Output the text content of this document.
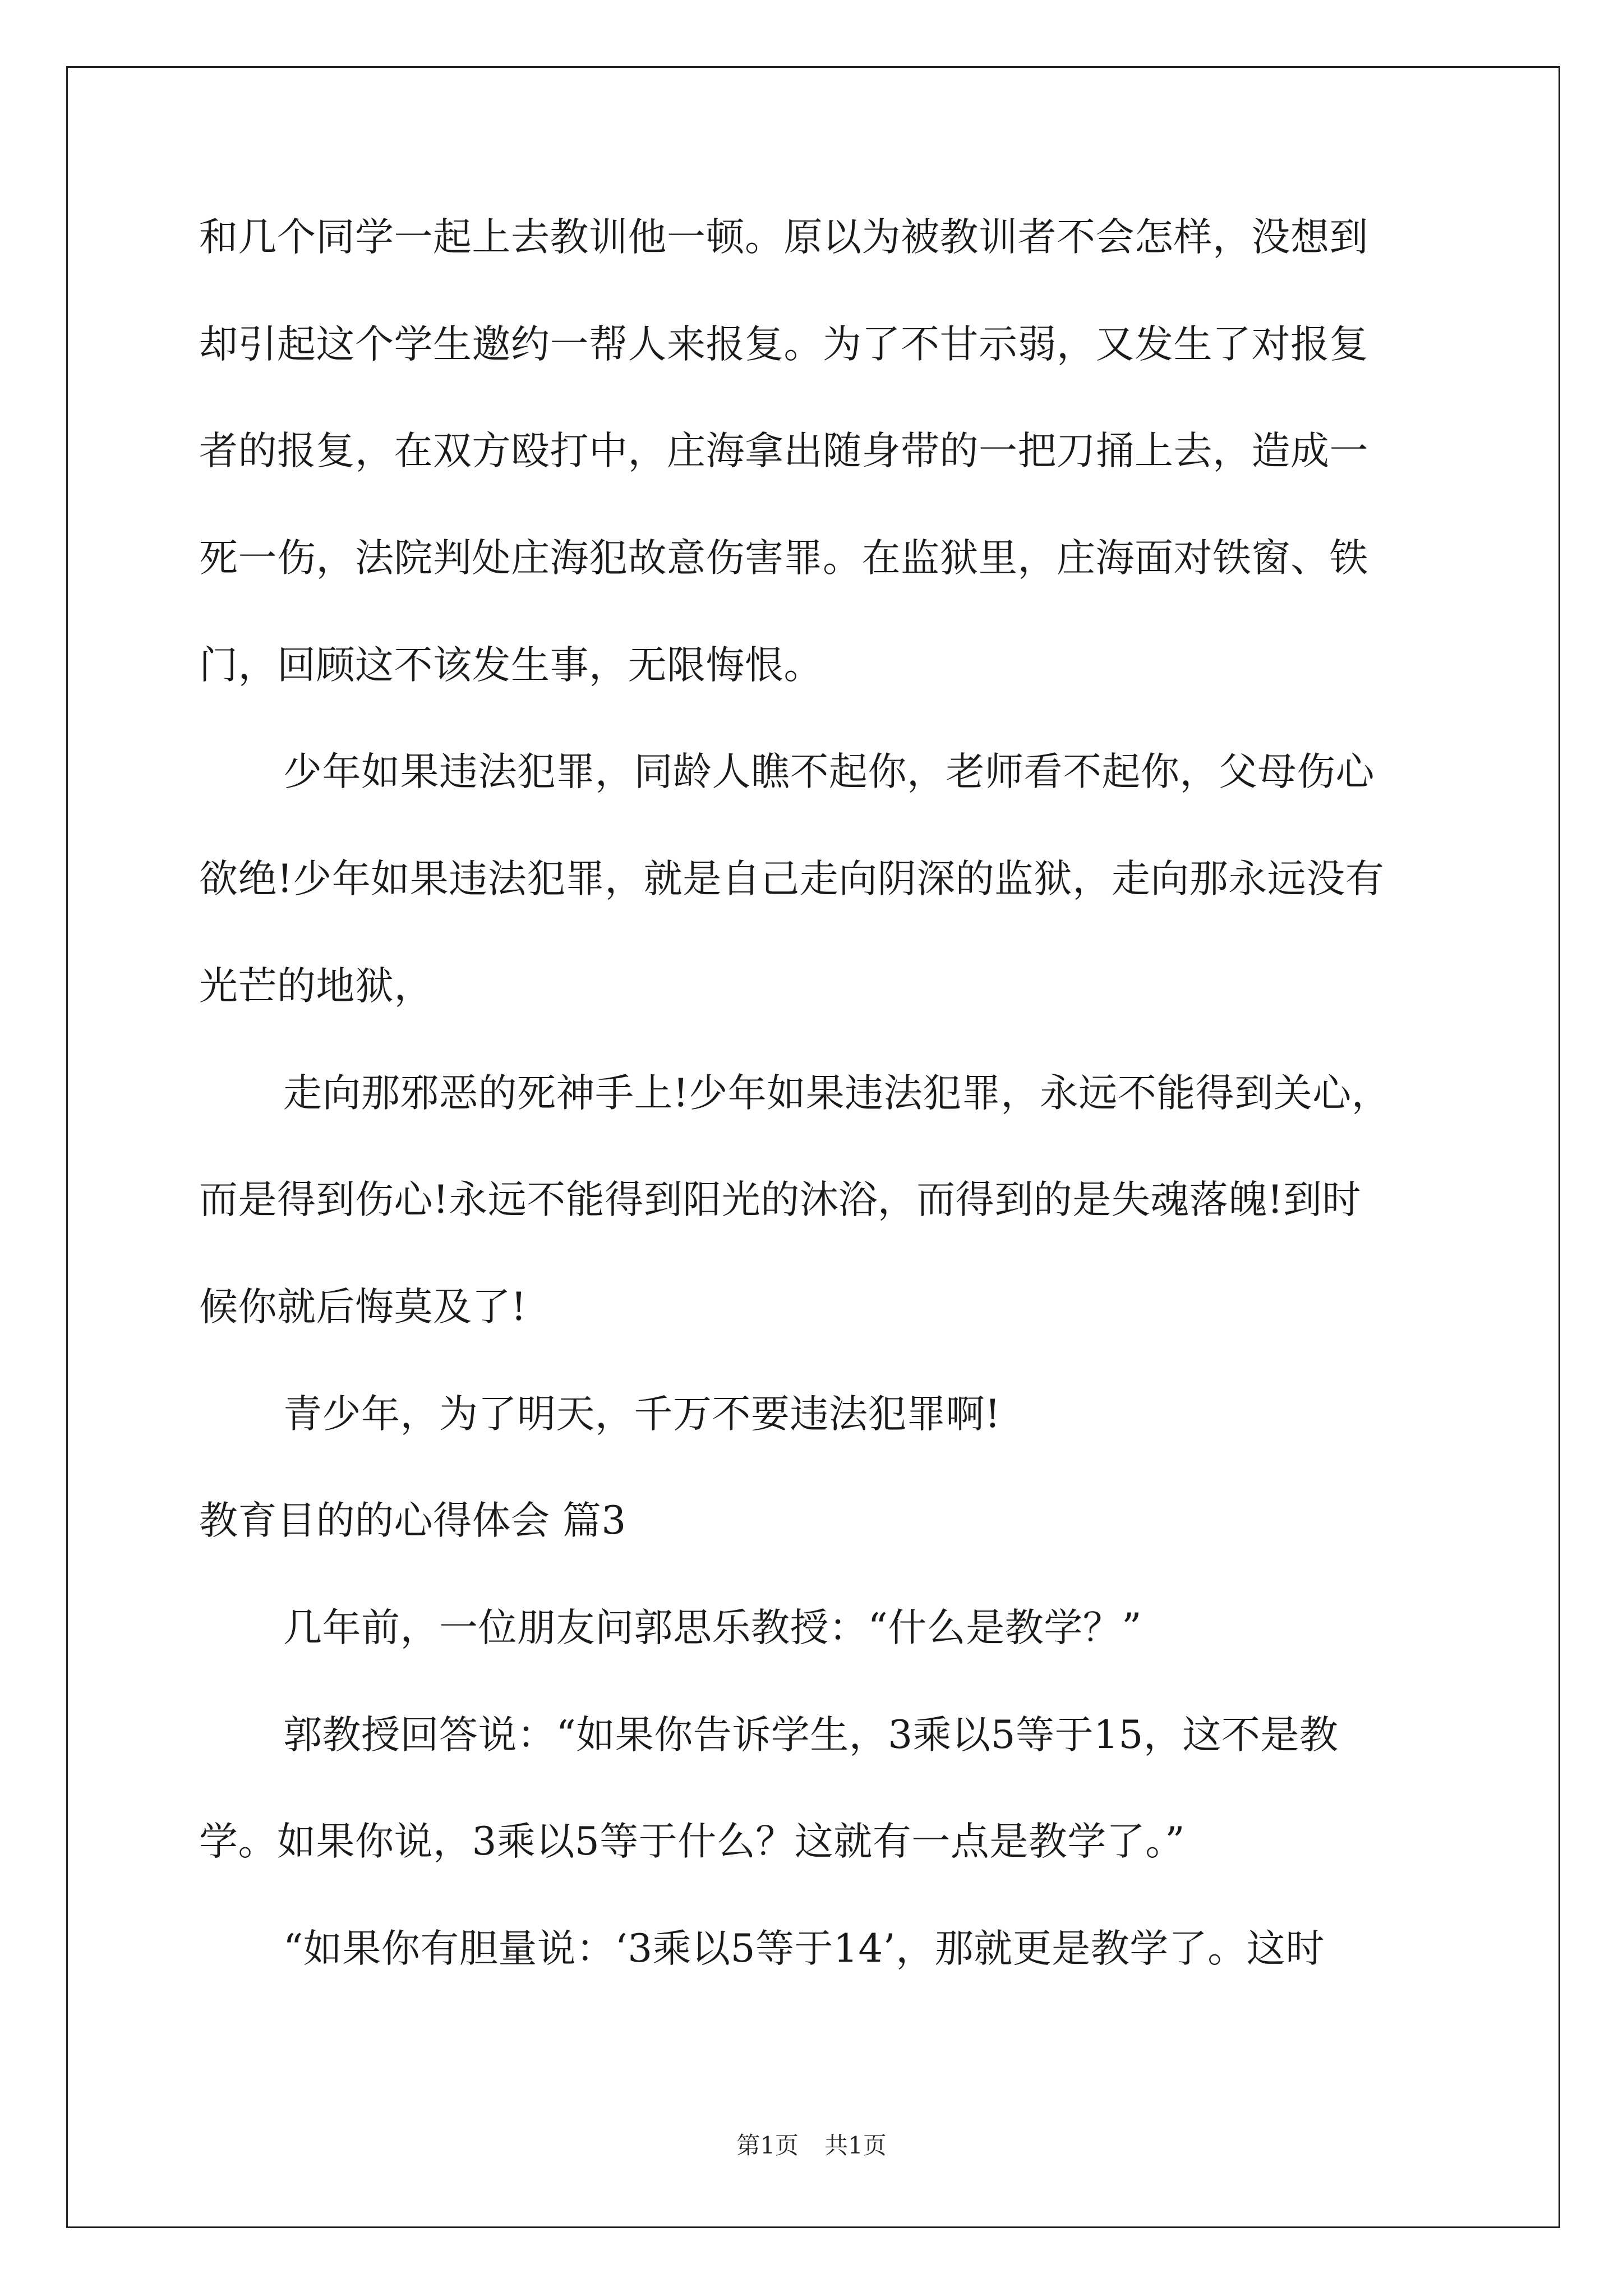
和几个同学一起上去教训他一顿。原以为被教训者不会怎样，没想到
却引起这个学生邀约一帮人来报复。为了不甘示弱，又发生了对报复
者的报复，在双方殴打中，庄海拿出随身带的一把刀捅上去，造成一
死一伤，法院判处庄海犯故意伤害罪。在监狱里，庄海面对铁窗、铁
门，回顾这不该发生事，无限悔恨。
少年如果违法犯罪，同龄人瞧不起你，老师看不起你，父母伤心
欲绝!少年如果违法犯罪，就是自己走向阴深的监狱，走向那永远没有
光芒的地狱，
走向那邪恶的死神手上!少年如果违法犯罪，永远不能得到关心，
而是得到伤心!永远不能得到阳光的沐浴，而得到的是失魂落魄!到时
候你就后悔莫及了!
青少年，为了明天，千万不要违法犯罪啊!
教育目的的心得体会 篇3
几年前，一位朋友问郭思乐教授：“什么是教学？”
郭教授回答说：“如果你告诉学生，3乘以5等于15，这不是教
学。如果你说，3乘以5等于什么？这就有一点是教学了。”
“如果你有胆量说：‘3乘以5等于14’，那就更是教学了。这时
第1页 共1页
